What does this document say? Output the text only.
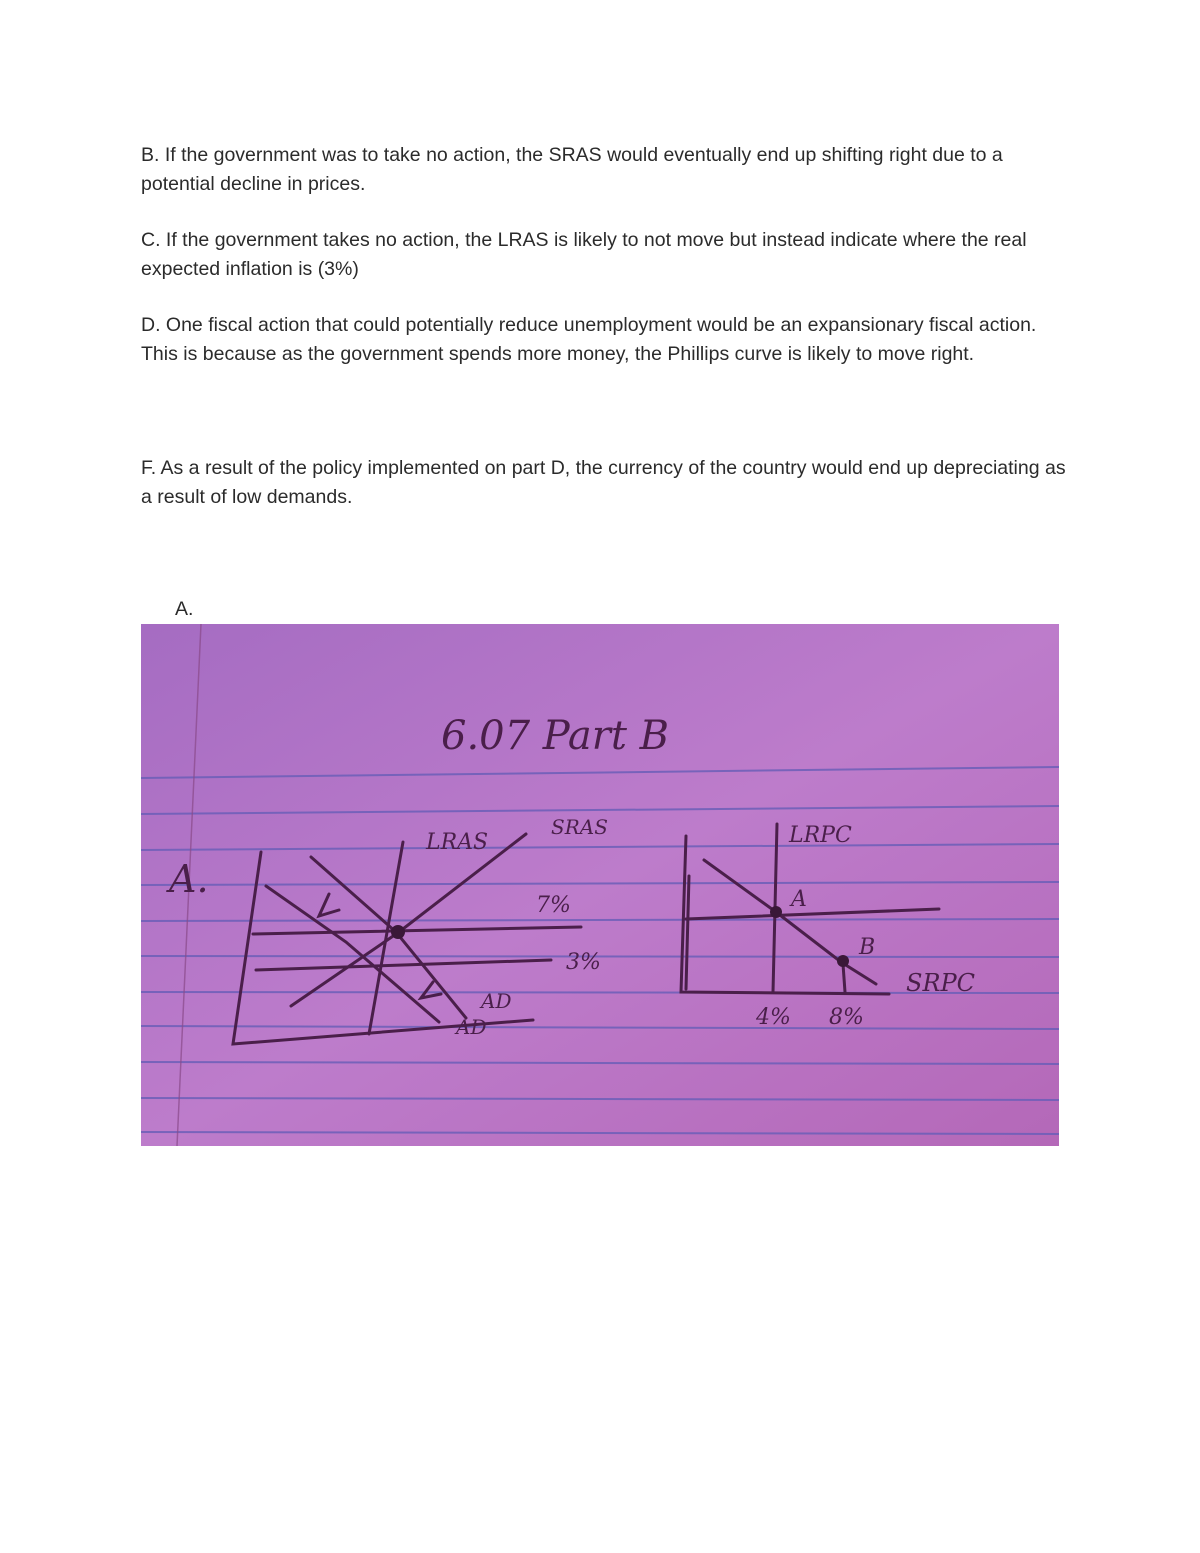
B. If the government was to take no action, the SRAS would eventually end up shifting right due to a potential decline in prices.

C. If the government takes no action, the LRAS is likely to not move but instead indicate where the real expected inflation is (3%)

D. One fiscal action that could potentially reduce unemployment would be an expansionary fiscal action. This is because as the government spends more money, the Phillips curve is likely to move right.

F. As a result of the policy implemented on part D, the currency of the country would end up depreciating as a result of low demands.

A.
6.07 Part B
A.
LRAS
SRAS
7%
3%
AD
AD
LRPC
A
B
SRPC
4% 8%
